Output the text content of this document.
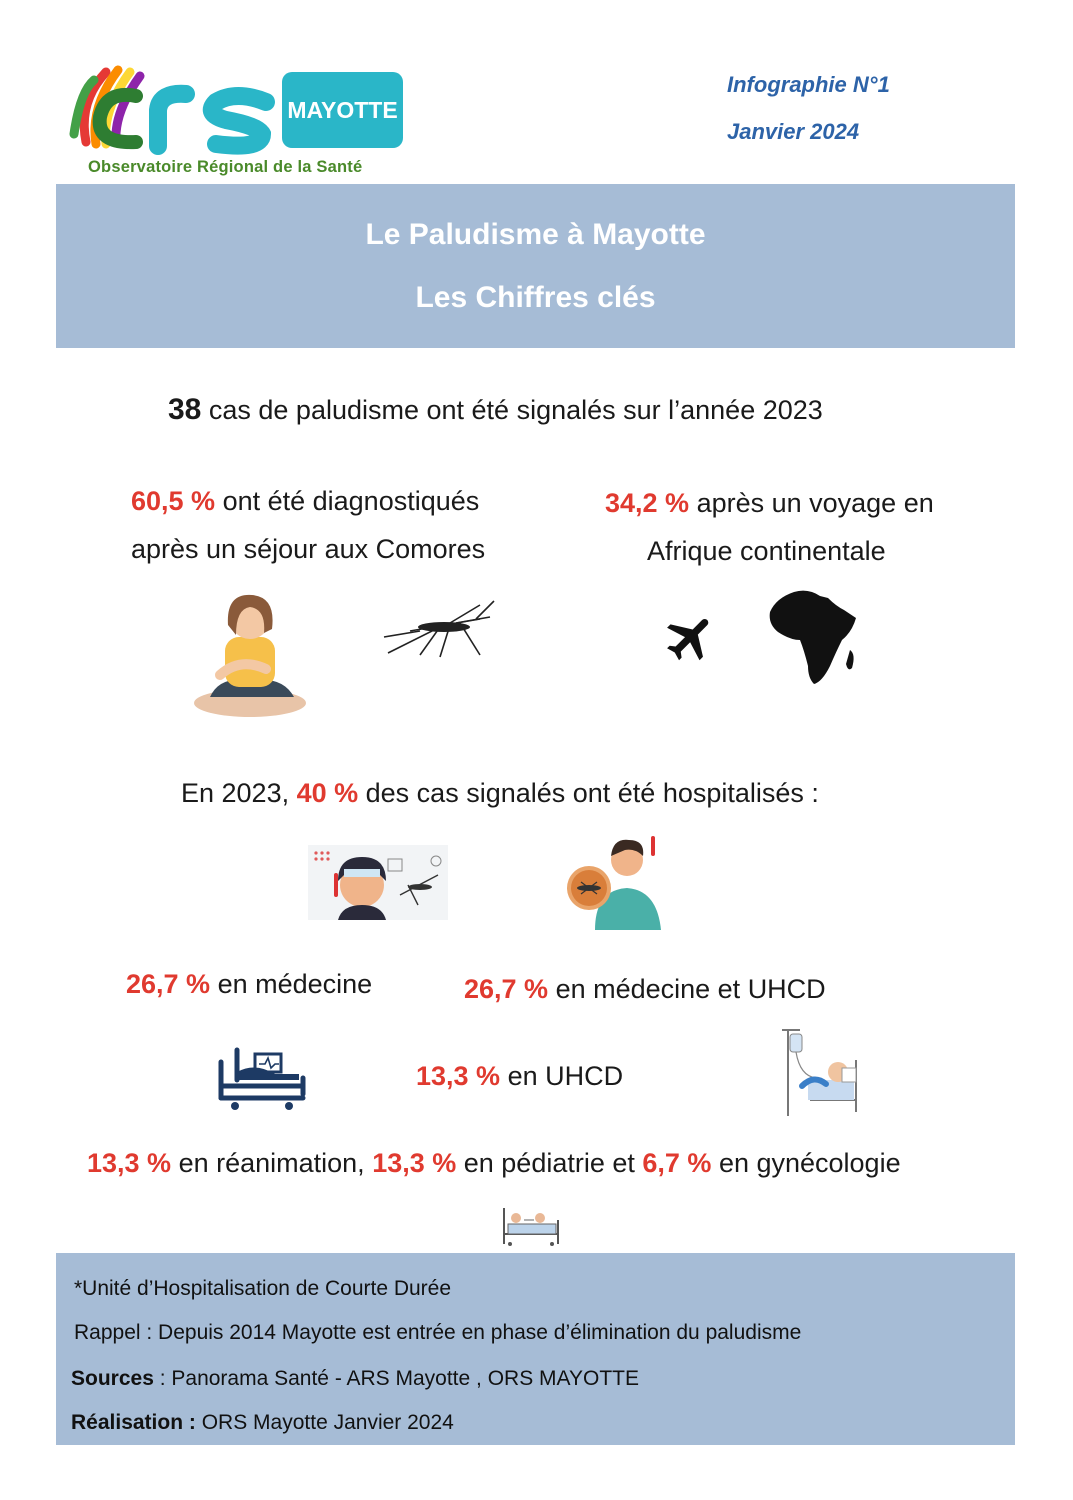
MAYOTTE
Observatoire Régional de la Santé
Infographie N°1
Janvier 2024
Le Paludisme à Mayotte
Les Chiffres clés
38 cas de paludisme ont été signalés sur l’année 2023
60,5 % ont été diagnostiqués
après un séjour aux Comores
34,2 % après un voyage en
Afrique continentale
En 2023, 40 % des cas signalés ont été hospitalisés :
26,7 % en médecine	26,7 % en médecine et UHCD
13,3 % en UHCD
13,3 % en réanimation, 13,3 % en pédiatrie et 6,7 % en gynécologie
*Unité d’Hospitalisation de Courte Durée
Rappel : Depuis 2014 Mayotte est entrée en phase d’élimination du paludisme
Sources : Panorama Santé - ARS Mayotte , ORS MAYOTTE
Réalisation : ORS Mayotte Janvier 2024
